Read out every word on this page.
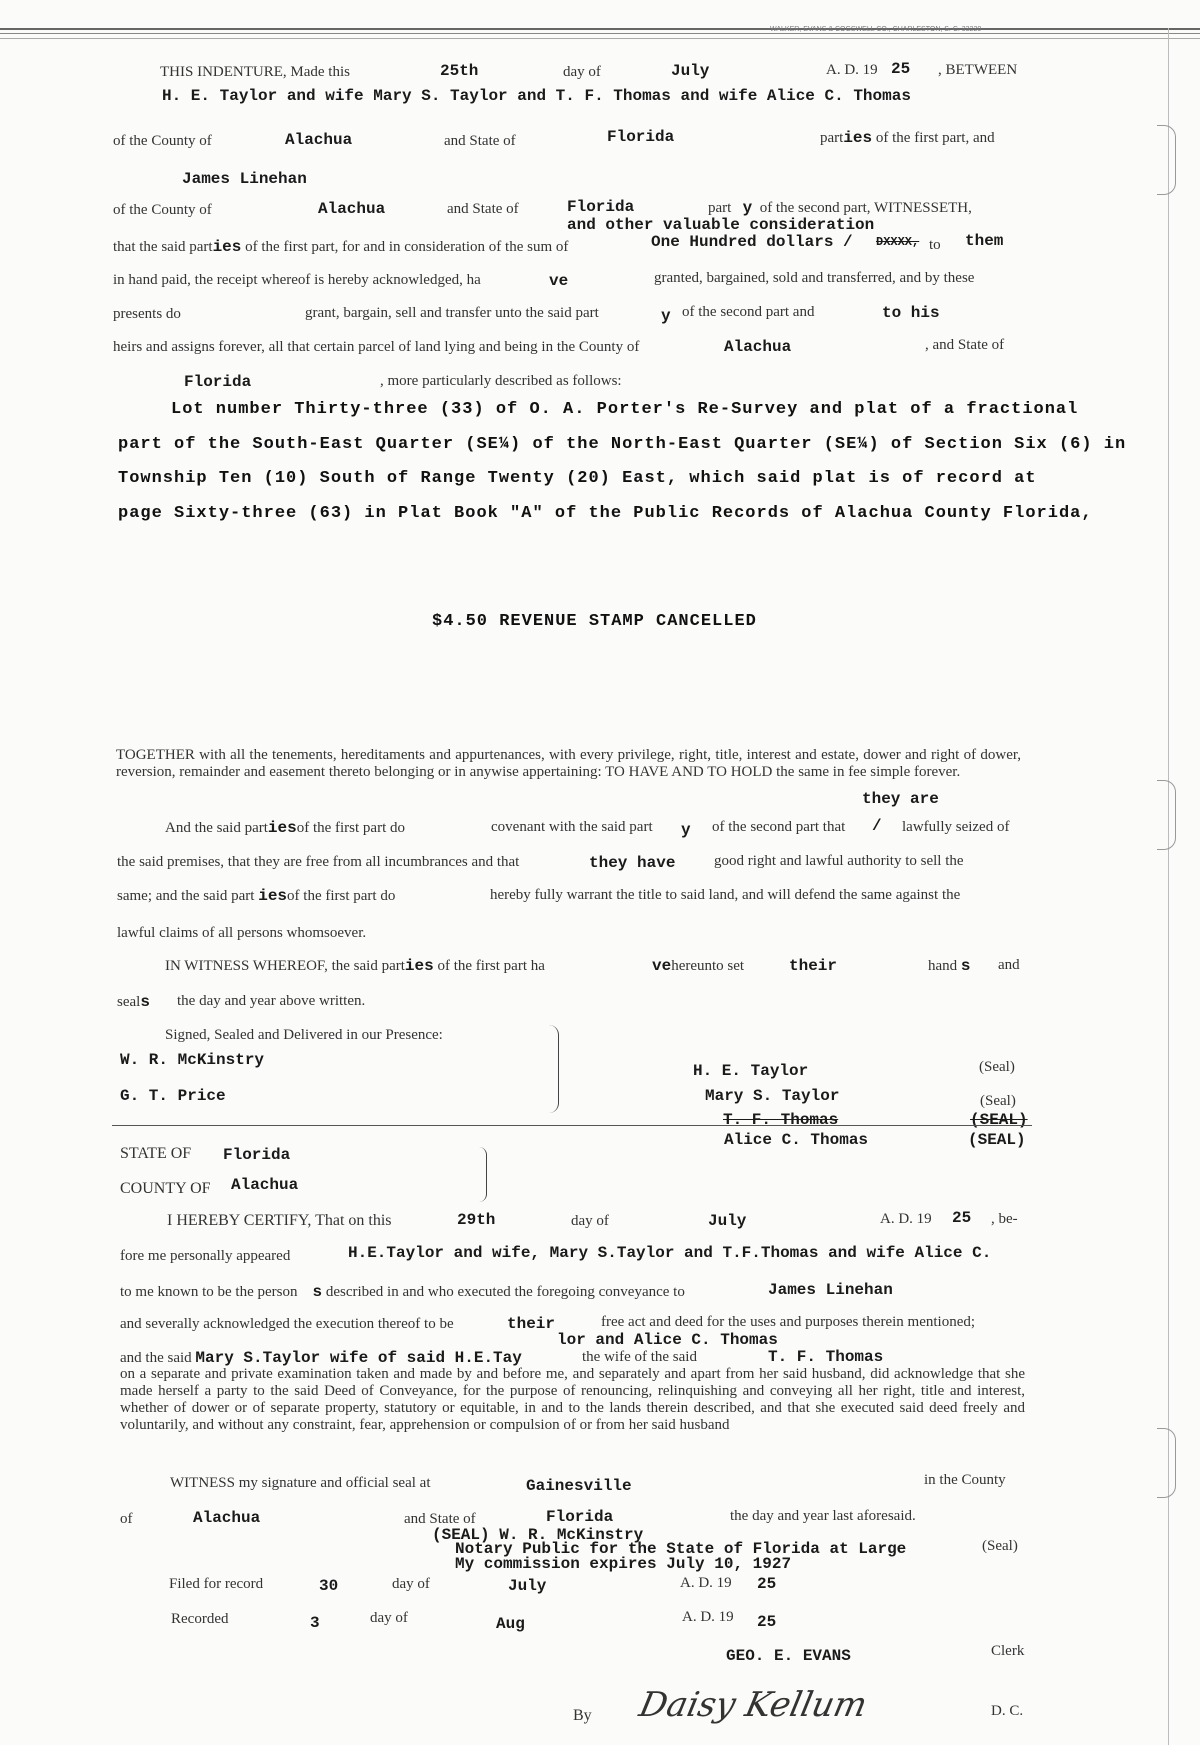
WALKER, EVANS & COGSWELL CO., CHARLESTON, S. C. 33220
THIS INDENTURE, Made this	25th	day of	July	A. D. 19 25 , BETWEEN
H. E. Taylor and wife Mary S. Taylor and T. F. Thomas and wife Alice C. Thomas
of the County of	Alachua	and State of	Florida	parties of the first part, and
James Linehan
of the County of	Alachua	and State of	Florida	part y of the second part, WITNESSETH,
and other valuable consideration
that the said parties of the first part, for and in consideration of the sum of	One Hundred dollars / DXXXX, to them
in hand paid, the receipt whereof is hereby acknowledged, ha	ve	granted, bargained, sold and transferred, and by these
presents do	grant, bargain, sell and transfer unto the said part	y of the second part and	to his
heirs and assigns forever, all that certain parcel of land lying and being in the County of	Alachua	, and State of
Florida	, more particularly described as follows:
Lot number Thirty-three (33) of O. A. Porter's Re-Survey and plat of a fractional
part of the South-East Quarter (SE¼) of the North-East Quarter (SE¼) of Section Six (6) in
Township Ten (10) South of Range Twenty (20) East, which said plat is of record at
page Sixty-three (63) in Plat Book "A" of the Public Records of Alachua County Florida,
$4.50 REVENUE STAMP CANCELLED
TOGETHER with all the tenements, hereditaments and appurtenances, with every privilege, right, title, interest and estate, dower and right of dower, reversion, remainder and easement thereto belonging or in anywise appertaining: TO HAVE AND TO HOLD the same in fee simple forever.
they are
And the said partiesof the first part do	covenant with the said part y of the second part that / lawfully seized of
the said premises, that they are free from all incumbrances and that	they have	good right and lawful authority to sell the
same; and the said part iesof the first part do	hereby fully warrant the title to said land, and will defend the same against the
lawful claims of all persons whomsoever.
IN WITNESS WHEREOF, the said parties of the first part ha	vehereunto set	their	hand s and
seals the day and year above written.
Signed, Sealed and Delivered in our Presence:
W. R. McKinstry
G. T. Price
H. E. Taylor	(Seal)
Mary S. Taylor	(Seal)
T. F. Thomas	(SEAL)
Alice C. Thomas	(SEAL)
STATE OF Florida
COUNTY OF Alachua
I HEREBY CERTIFY, That on this	29th	day of	July	A. D. 19 25 , be-
fore me personally appeared	H.E.Taylor and wife, Mary S.Taylor and T.F.Thomas and wife Alice C.
to me known to be the person s described in and who executed the foregoing conveyance to	James Linehan
and severally acknowledged the execution thereof to be	their	free act and deed for the uses and purposes therein mentioned;
lor and Alice C. Thomas
and the said Mary S.Taylor wife of said H.E.Tay	the wife of the said	T. F. Thomas
on a separate and private examination taken and made by and before me, and separately and apart from her said husband, did acknowledge that she made herself a party to the said Deed of Conveyance, for the purpose of renouncing, relinquishing and conveying all her right, title and interest, whether of dower or of separate property, statutory or equitable, in and to the lands therein described, and that she executed said deed freely and voluntarily, and without any constraint, fear, apprehension or compulsion of or from her said husband
WITNESS my signature and official seal at	Gainesville	in the County
of	Alachua	and State of	Florida	the day and year last aforesaid.
(SEAL) W. R. McKinstry
Notary Public for the State of Florida at Large	(Seal)
My commission expires July 10, 1927
Filed for record	30	day of	July	A. D. 19 25
Recorded	3	day of	Aug	A. D. 19 25
GEO. E. EVANS	Clerk
By Daisy Kellum	D. C.
